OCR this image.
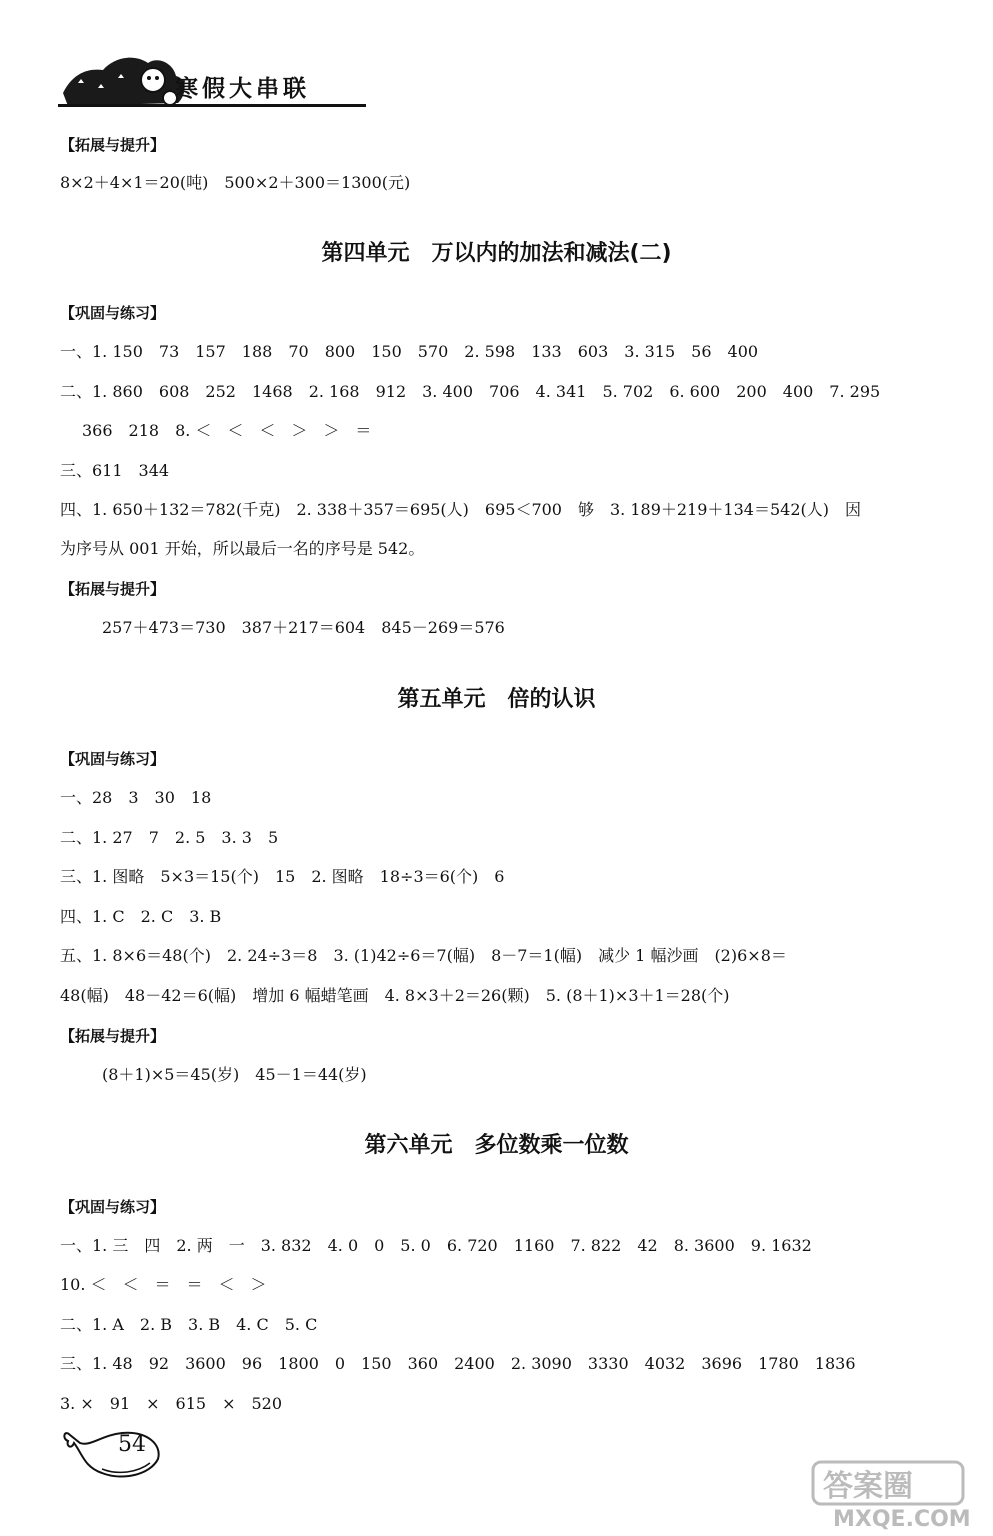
寒假大串联
【拓展与提升】
8×2＋4×1＝20(吨)　500×2＋300＝1300(元)
第四单元　万以内的加法和减法(二)
【巩固与练习】
一、1. 150　73　157　188　70　800　150　570　2. 598　133　603　3. 315　56　400
二、1. 860　608　252　1468　2. 168　912　3. 400　706　4. 341　5. 702　6. 600　200　400　7. 295
366　218　8. ＜　＜　＜　＞　＞　＝
三、611　344
四、1. 650＋132＝782(千克)　2. 338＋357＝695(人)　695＜700　够　3. 189＋219＋134＝542(人)　因
为序号从 001 开始，所以最后一名的序号是 542。
【拓展与提升】
257＋473＝730　387＋217＝604　845－269＝576
第五单元　倍的认识
【巩固与练习】
一、28　3　30　18
二、1. 27　7　2. 5　3. 3　5
三、1. 图略　5×3＝15(个)　15　2. 图略　18÷3＝6(个)　6
四、1. C　2. C　3. B
五、1. 8×6＝48(个)　2. 24÷3＝8　3. (1)42÷6＝7(幅)　8－7＝1(幅)　减少 1 幅沙画　(2)6×8＝
48(幅)　48－42＝6(幅)　增加 6 幅蜡笔画　4. 8×3＋2＝26(颗)　5. (8＋1)×3＋1＝28(个)
【拓展与提升】
(8＋1)×5＝45(岁)　45－1＝44(岁)
第六单元　多位数乘一位数
【巩固与练习】
一、1. 三　四　2. 两　一　3. 832　4. 0　0　5. 0　6. 720　1160　7. 822　42　8. 3600　9. 1632
10. ＜　＜　＝　＝　＜　＞
二、1. A　2. B　3. B　4. C　5. C
三、1. 48　92　3600　96　1800　0　150　360　2400　2. 3090　3330　4032　3696　1780　1836
3. ×　91　×　615　×　520
54
答案圈
MXQE.COM
